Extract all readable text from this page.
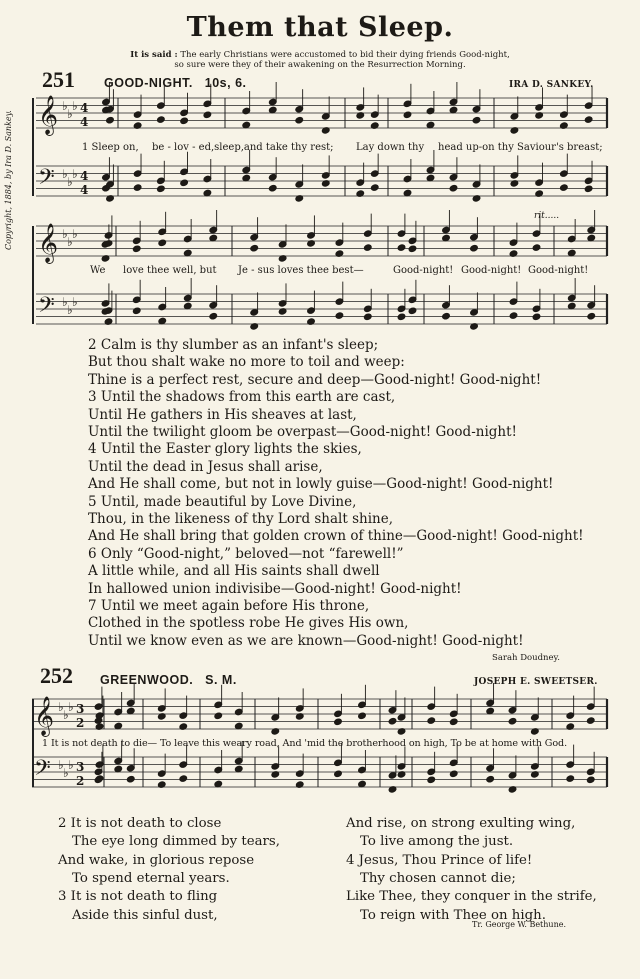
Them that Sleep.
It is said : The early Christians were accustomed to bid their dying friends Good-night,
so sure were they of their awakening on the Resurrection Morning.
Copyright, 1884, by Ira D. Sankey.
251 GOOD-NIGHT. 10s, 6.	IRA D. SANKEY.
𝄞 ♭
♭
♭ 4
4
𝄢 ♭
♭
♭ 4
4
𝄞 ♭
♭
♭
𝄢 ♭
♭
♭
𝄞 ♭
♭
♭ 3
2
𝄢 ♭
♭
♭ 3
2
1 Sleep on, be - lov - ed,sleep,and take thy rest; Lay down thy head up-on thy Saviour's breast;
We love thee well, but Je - sus loves thee best—	Good-night! Good-night! Good-night!
rit.....
2 Calm is thy slumber as an infant's sleep;
But thou shalt wake no more to toil and weep:
Thine is a perfect rest, secure and deep—Good-night! Good-night!
3 Until the shadows from this earth are cast,
Until He gathers in His sheaves at last,
Until the twilight gloom be overpast—Good-night! Good-night!
4 Until the Easter glory lights the skies,
Until the dead in Jesus shall arise,
And He shall come, but not in lowly guise—Good-night! Good-night!
5 Until, made beautiful by Love Divine,
Thou, in the likeness of thy Lord shalt shine,
And He shall bring that golden crown of thine—Good-night! Good-night!
6 Only “Good-night,” beloved—not “farewell!”
A little while, and all His saints shall dwell
In hallowed union indivisibe—Good-night! Good-night!
7 Until we meet again before His throne,
Clothed in the spotless robe He gives His own,
Until we know even as we are known—Good-night! Good-night!
Sarah Doudney.
252 GREENWOOD. S. M.	JOSEPH E. SWEETSER.
1 It is not death to die— To leave this weary road, And 'mid the brotherhood on high, To be at home with God.
2 It is not death to close
The eye long dimmed by tears,
And wake, in glorious repose
To spend eternal years.
3 It is not death to fling
Aside this sinful dust,
And rise, on strong exulting wing,
To live among the just.
4 Jesus, Thou Prince of life!
Thy chosen cannot die;
Like Thee, they conquer in the strife,
To reign with Thee on high.
Tr. George W. Bethune.
